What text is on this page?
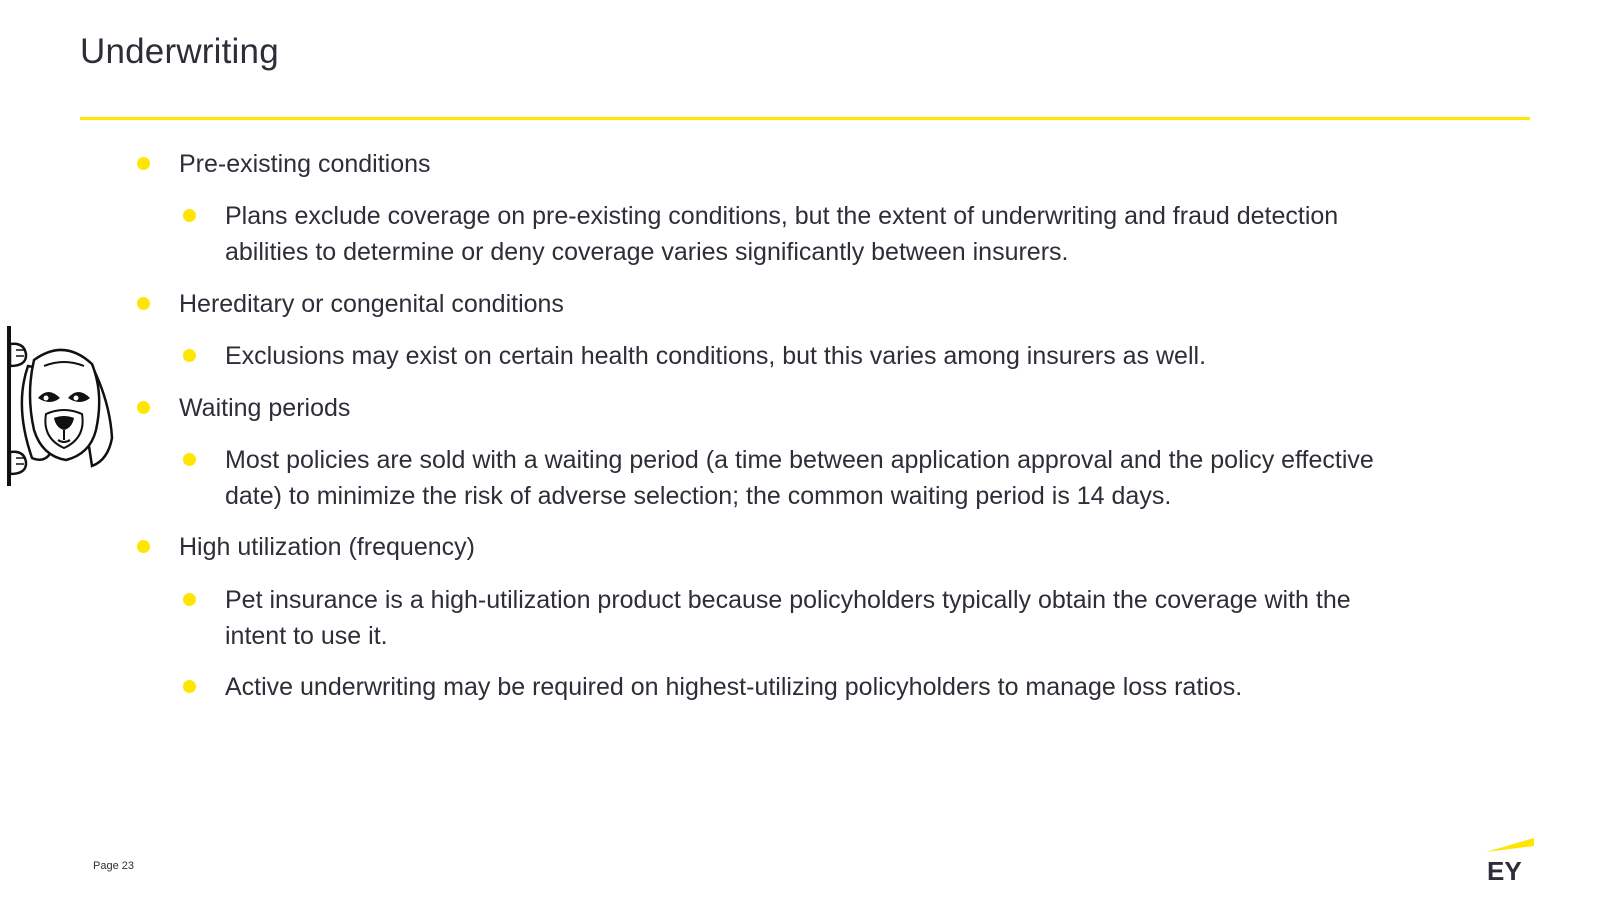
Underwriting
Pre-existing conditions
Plans exclude coverage on pre-existing conditions, but the extent of underwriting and fraud detection
abilities to determine or deny coverage varies significantly between insurers.
Hereditary or congenital conditions
Exclusions may exist on certain health conditions, but this varies among insurers as well.
Waiting periods
Most policies are sold with a waiting period (a time between application approval and the policy effective
date) to minimize the risk of adverse selection; the common waiting period is 14 days.
High utilization (frequency)
Pet insurance is a high-utilization product because policyholders typically obtain the coverage with the
intent to use it.
Active underwriting may be required on highest-utilizing policyholders to manage loss ratios.
Page 23	EY
